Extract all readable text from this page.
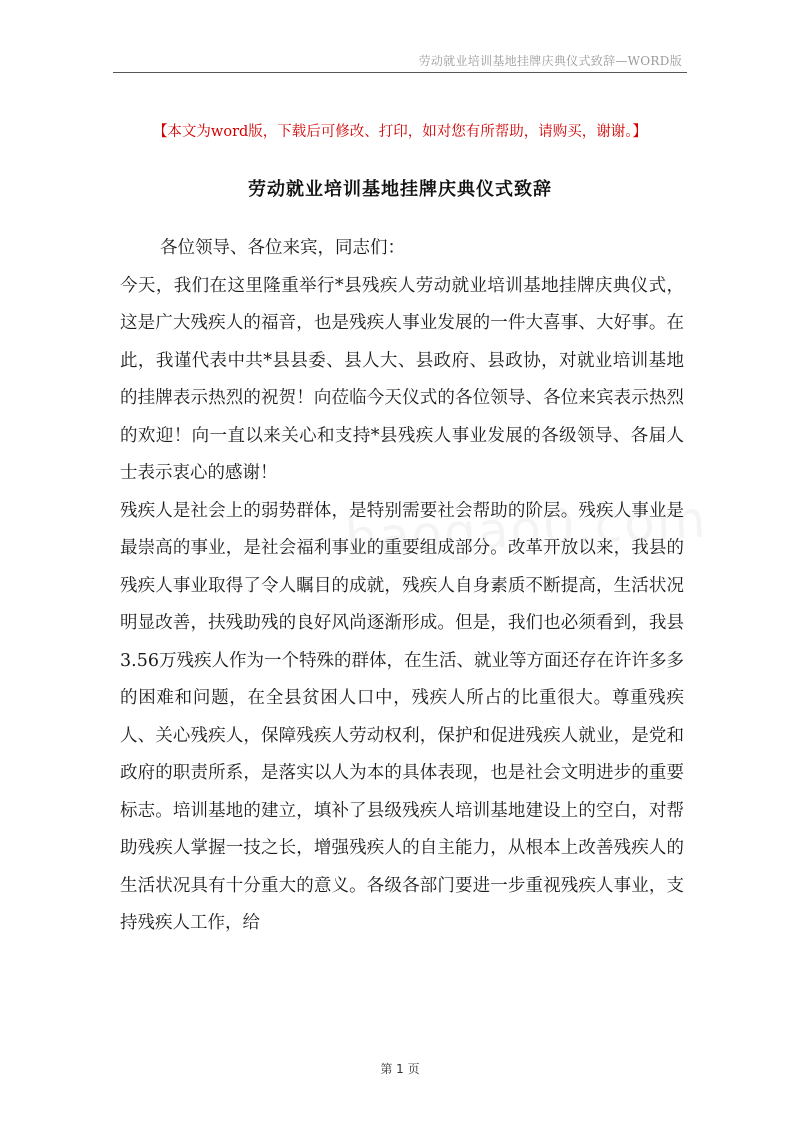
劳动就业培训基地挂牌庆典仪式致辞—WORD版
【本文为word版，下载后可修改、打印，如对您有所帮助，请购买，谢谢。】
劳动就业培训基地挂牌庆典仪式致辞

各位领导、各位来宾，同志们：

今天，我们在这里隆重举行*县残疾人劳动就业培训基地挂牌庆典仪式，这是广大残疾人的福音，也是残疾人事业发展的一件大喜事、大好事。在此，我谨代表中共*县县委、县人大、县政府、县政协，对就业培训基地的挂牌表示热烈的祝贺！向莅临今天仪式的各位领导、各位来宾表示热烈的欢迎！向一直以来关心和支持*县残疾人事业发展的各级领导、各届人士表示衷心的感谢！

残疾人是社会上的弱势群体，是特别需要社会帮助的阶层。残疾人事业是最崇高的事业，是社会福利事业的重要组成部分。改革开放以来，我县的残疾人事业取得了令人瞩目的成就，残疾人自身素质不断提高，生活状况明显改善，扶残助残的良好风尚逐渐形成。但是，我们也必须看到，我县3.56万残疾人作为一个特殊的群体，在生活、就业等方面还存在许许多多的困难和问题，在全县贫困人口中，残疾人所占的比重很大。尊重残疾人、关心残疾人，保障残疾人劳动权利，保护和促进残疾人就业，是党和政府的职责所系，是落实以人为本的具体表现，也是社会文明进步的重要标志。培训基地的建立，填补了县级残疾人培训基地建设上的空白，对帮助残疾人掌握一技之长，增强残疾人的自主能力，从根本上改善残疾人的生活状况具有十分重大的意义。各级各部门要进一步重视残疾人事业，支持残疾人工作，给

第 1 页
